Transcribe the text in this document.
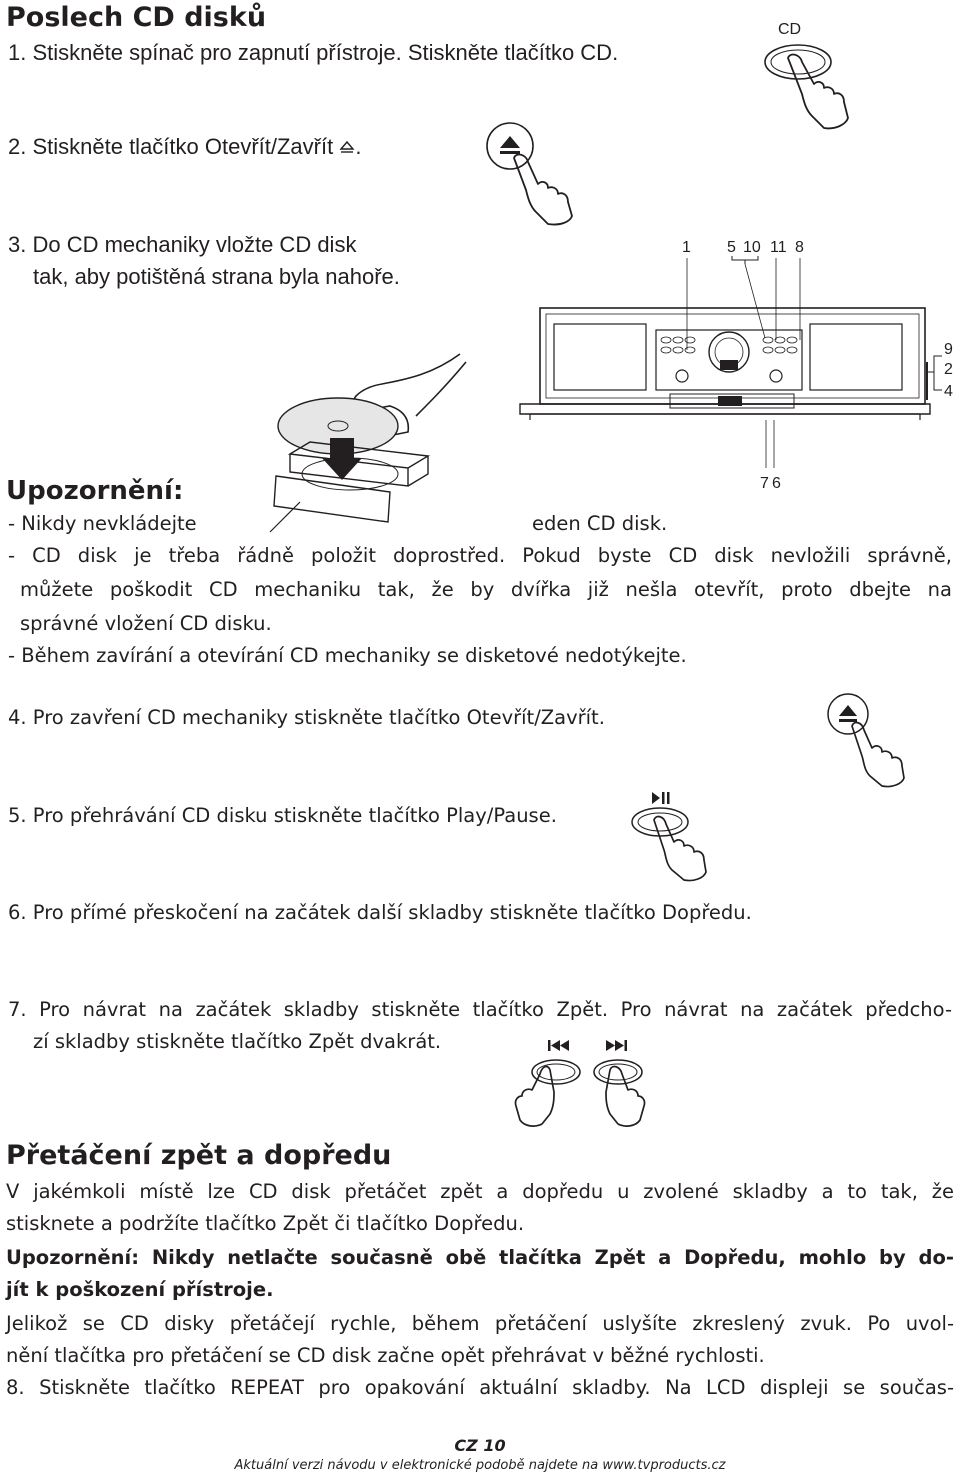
Poslech CD disků
1. Stiskněte spínač pro zapnutí přístroje. Stiskněte tlačítko CD.
2. Stiskněte tlačítko Otevřít/Zavřít .
3. Do CD mechaniky vložte CD disk
tak, aby potištěná strana byla nahoře.
CD
1 5 10 11 8
9
2
4
7 6
Upozornění:
- Nikdy nevkládejte	eden CD disk.
- CD disk je třeba řádně položit doprostřed. Pokud byste CD disk nevložili správně,
můžete poškodit CD mechaniku tak, že by dvířka již nešla otevřít, proto dbejte na
správné vložení CD disku.
- Během zavírání a otevírání CD mechaniky se disketové nedotýkejte.
4. Pro zavření CD mechaniky stiskněte tlačítko Otevřít/Zavřít.
5. Pro přehrávání CD disku stiskněte tlačítko Play/Pause.
6. Pro přímé přeskočení na začátek další skladby stiskněte tlačítko Dopředu.
7. Pro návrat na začátek skladby stiskněte tlačítko Zpět. Pro návrat na začátek předcho-
zí skladby stiskněte tlačítko Zpět dvakrát.
Přetáčení zpět a dopředu
V jakémkoli místě lze CD disk přetáčet zpět a dopředu u zvolené skladby a to tak, že
stisknete a podržíte tlačítko Zpět či tlačítko Dopředu.
Upozornění: Nikdy netlačte současně obě tlačítka Zpět a Dopředu, mohlo by do-
jít k poškození přístroje.
Jelikož se CD disky přetáčejí rychle, během přetáčení uslyšíte zkreslený zvuk. Po uvol-
nění tlačítka pro přetáčení se CD disk začne opět přehrávat v běžné rychlosti.
8. Stiskněte tlačítko REPEAT pro opakování aktuální skladby. Na LCD displeji se součas-
CZ 10
Aktuální verzi návodu v elektronické podobě najdete na www.tvproducts.cz
